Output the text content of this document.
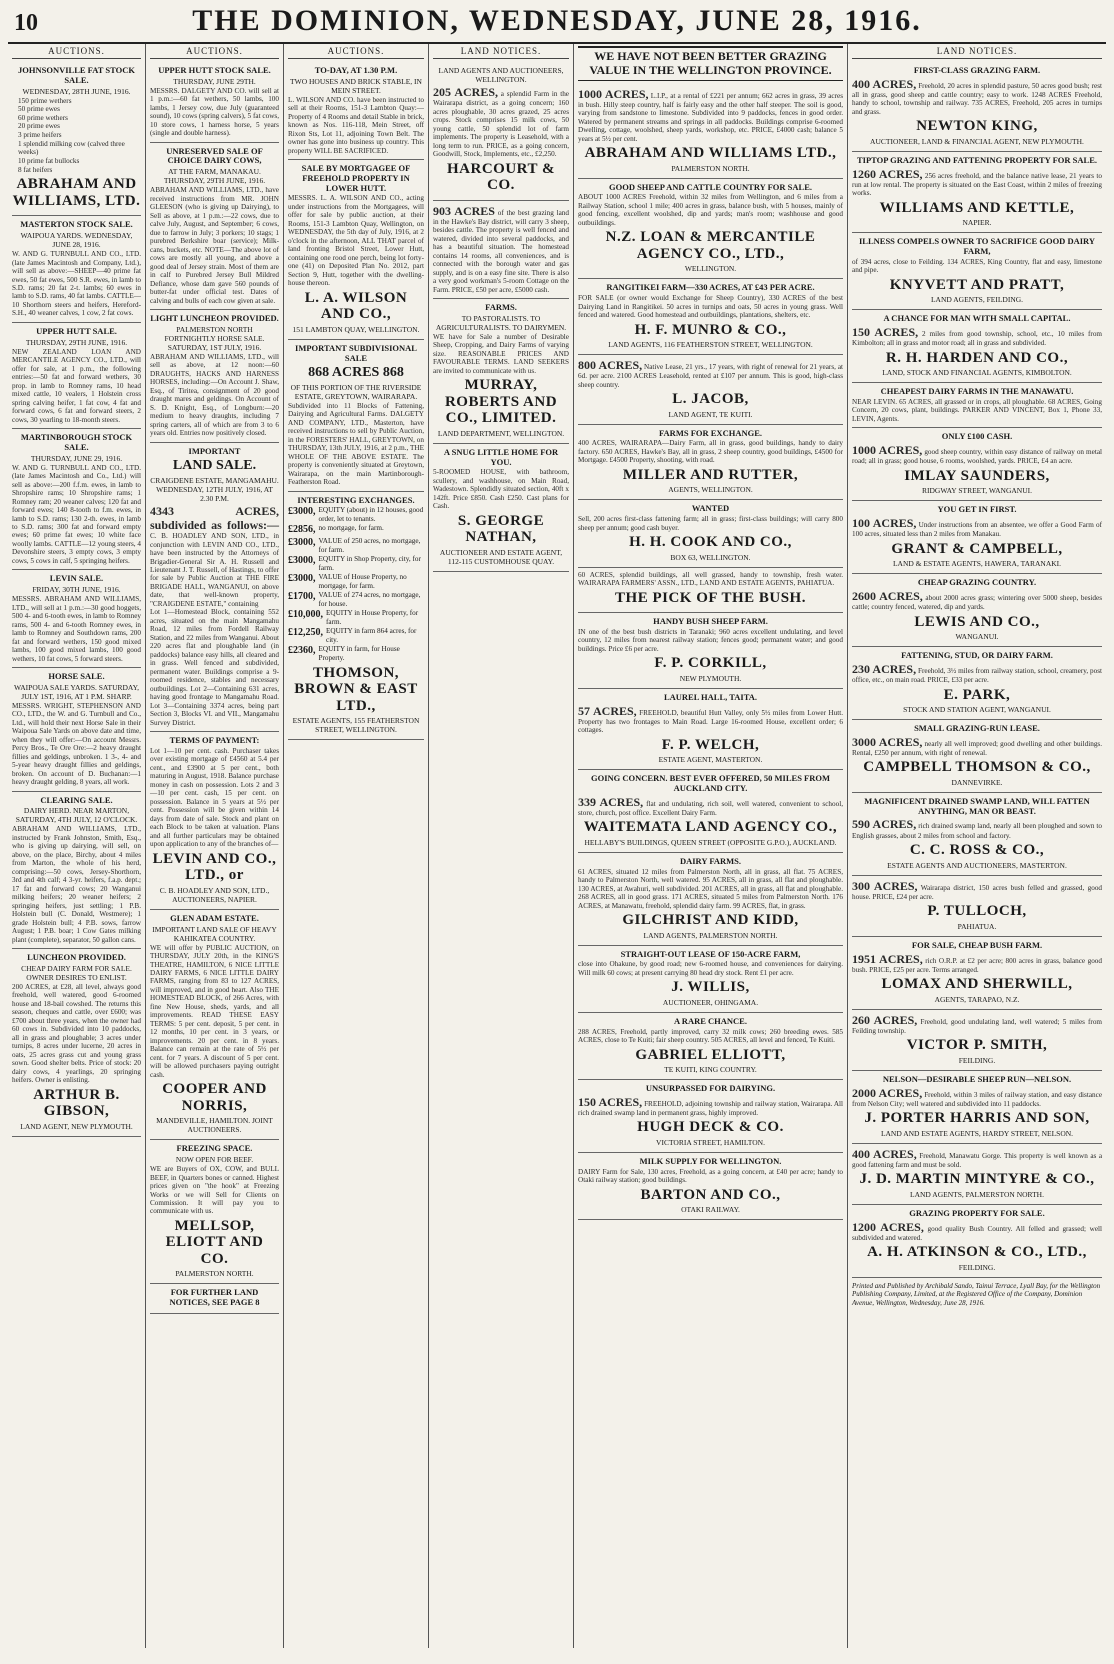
10	THE DOMINION, WEDNESDAY, JUNE 28, 1916.
AUCTIONS.
JOHNSONVILLE FAT STOCK SALE.
WEDNESDAY, 28TH JUNE, 1916.
150 prime wethers
50 prime ewes
60 prime wethers
20 prime ewes
3 prime heifers
1 splendid milking cow (calved three weeks)
10 prime fat bullocks
8 fat heifers
ABRAHAM AND WILLIAMS, LTD.
MASTERTON STOCK SALE.
WAIPOUA YARDS. WEDNESDAY, JUNE 28, 1916.
W. AND G. TURNBULL AND CO., LTD. (late James Macintosh and Company, Ltd.), will sell as above:—SHEEP—40 prime fat ewes, 50 fat ewes, 500 S.R. ewes, in lamb to S.D. rams; 20 fat 2-t. lambs; 60 ewes in lamb to S.D. rams, 40 fat lambs. CATTLE—10 Shorthorn steers and heifers, Hereford-S.H., 40 weaner calves, 1 cow, 2 fat cows.
UPPER HUTT SALE.
THURSDAY, 29TH JUNE, 1916.
NEW ZEALAND LOAN AND MERCANTILE AGENCY CO., LTD., will offer for sale, at 1 p.m., the following entries:—50 fat and forward wethers, 30 prop. in lamb to Romney rams, 10 head mixed cattle, 10 vealers, 1 Holstein cross spring calving heifer, 1 fat cow, 4 fat and forward cows, 6 fat and forward steers, 2 cows, 30 yearling to 18-month steers.
MARTINBOROUGH STOCK SALE.
THURSDAY, JUNE 29, 1916.
W. AND G. TURNBULL AND CO., LTD. (late James Macintosh and Co., Ltd.) will sell as above:—200 f.f.m. ewes, in lamb to Shropshire rams; 10 Shropshire rams; 1 Romney ram; 20 weaner calves; 120 fat and forward ewes; 140 8-tooth to f.m. ewes, in lamb to S.D. rams; 130 2-th. ewes, in lamb to S.D. rams; 300 fat and forward empty ewes; 60 prime fat ewes; 10 white face woolly lambs. CATTLE—12 young steers, 4 Devonshire steers, 3 empty cows, 3 empty cows, 5 cows in calf, 5 springing heifers.
LEVIN SALE.
FRIDAY, 30TH JUNE, 1916.
MESSRS. ABRAHAM AND WILLIAMS, LTD., will sell at 1 p.m.:—30 good hoggets, 500 4- and 6-tooth ewes, in lamb to Romney rams, 500 4- and 6-tooth Romney ewes, in lamb to Romney and Southdown rams, 200 fat and forward wethers, 150 good mixed lambs, 100 good mixed lambs, 100 good wethers, 10 fat cows, 5 forward steers.
HORSE SALE.
WAIPOUA SALE YARDS. SATURDAY, JULY 1ST, 1916, AT 1 P.M. SHARP.
MESSRS. WRIGHT, STEPHENSON AND CO., LTD., the W. and G. Turnbull and Co., Ltd., will hold their next Horse Sale in their Waipoua Sale Yards on above date and time, when they will offer:—On account Messrs. Percy Bros., Te Ore Ore:—2 heavy draught fillies and geldings, unbroken. 1 3-, 4- and 5-year heavy draught fillies and geldings, broken. On account of D. Buchanan:—1 heavy draught gelding, 8 years, all work.
CLEARING SALE.
DAIRY HERD. NEAR MARTON, SATURDAY, 4TH JULY, 12 O'CLOCK.
ABRAHAM AND WILLIAMS, LTD., instructed by Frank Johnston, Smith, Esq., who is giving up dairying, will sell, on above, on the place, Birchy, about 4 miles from Marton, the whole of his herd, comprising:—50 cows, Jersey-Shorthorn, 3rd and 4th calf; 4 3-yr. heifers, f.a.p. dept.; 17 fat and forward cows; 20 Wanganui milking heifers; 20 weaner heifers; 2 springing heifers, just settling; 1 P.B. Holstein bull (C. Donald, Westmere); 1 grade Holstein bull; 4 P.B. sows, farrow August; 1 P.B. boar; 1 Cow Gates milking plant (complete), separator, 50 gallon cans.
LUNCHEON PROVIDED.
CHEAP DAIRY FARM FOR SALE. OWNER DESIRES TO ENLIST.
200 ACRES, at £28, all level, always good freehold, well watered, good 6-roomed house and 18-bail cowshed. The returns this season, cheques and cattle, over £600; was £700 about three years, when the owner had 60 cows in. Subdivided into 10 paddocks, all in grass and ploughable; 3 acres under turnips, 8 acres under lucerne, 20 acres in oats, 25 acres grass cut and young grass sown. Good shelter belts. Price of stock: 20 dairy cows, 4 yearlings, 20 springing heifers. Owner is enlisting.
ARTHUR B. GIBSON,
LAND AGENT, NEW PLYMOUTH.
AUCTIONS.
UPPER HUTT STOCK SALE.
THURSDAY, JUNE 29TH.
MESSRS. DALGETY AND CO. will sell at 1 p.m.:—60 fat wethers, 50 lambs, 100 lambs, 1 Jersey cow, due July (guaranteed sound), 10 cows (spring calvers), 5 fat cows, 10 store cows, 1 harness horse, 5 years (single and double harness).
UNRESERVED SALE OF CHOICE DAIRY COWS,
AT THE FARM, MANAKAU. THURSDAY, 29TH JUNE, 1916.
ABRAHAM AND WILLIAMS, LTD., have received instructions from MR. JOHN GLEESON (who is giving up Dairying), to Sell as above, at 1 p.m.:—22 cows, due to calve July, August, and September; 6 cows, due to farrow in July; 3 porkers; 10 stags; 1 purebred Berkshire boar (service); Milk-cans, buckets, etc. NOTE—The above lot of cows are mostly all young, and above a good deal of Jersey strain. Most of them are in calf to Purebred Jersey Bull Mildred Defiance, whose dam gave 560 pounds of butter-fat under official test. Dates of calving and bulls of each cow given at sale.
LIGHT LUNCHEON PROVIDED.
PALMERSTON NORTH FORTNIGHTLY HORSE SALE. SATURDAY, 1ST JULY, 1916.
ABRAHAM AND WILLIAMS, LTD., will sell as above, at 12 noon:—60 DRAUGHTS, HACKS AND HARNESS HORSES, including:—On Account J. Shaw, Esq., of Tiritea, consignment of 20 good draught mares and geldings. On Account of S. D. Knight, Esq., of Longburn:—20 medium to heavy draughts, including 7 spring carters, all of which are from 3 to 6 years old. Entries now positively closed.
IMPORTANT
LAND SALE.
CRAIGDENE ESTATE, MANGAMAHU. WEDNESDAY, 12TH JULY, 1916, AT 2.30 P.M.
4343 ACRES, subdivided as follows:— C. B. HOADLEY AND SON, LTD., in conjunction with LEVIN AND CO., LTD., have been instructed by the Attorneys of Brigadier-General Sir A. H. Russell and Lieutenant J. T. Russell, of Hastings, to offer for sale by Public Auction at THE FIRE BRIGADE HALL, WANGANUI, on above date, that well-known property, "CRAIGDENE ESTATE," containing
Lot 1—Homestead Block, containing 552 acres, situated on the main Mangamahu Road, 12 miles from Fordell Railway Station, and 22 miles from Wanganui. About 220 acres flat and ploughable land (in paddocks) balance easy hills, all cleared and in grass. Well fenced and subdivided, permanent water. Buildings comprise a 9-roomed residence, stables and necessary outbuildings. Lot 2—Containing 631 acres, having good frontage to Mangamahu Road. Lot 3—Containing 3374 acres, being part Section 3, Blocks VI. and VII., Mangamahu Survey District.
TERMS OF PAYMENT:
Lot 1—10 per cent. cash. Purchaser takes over existing mortgage of £4560 at 5.4 per cent., and £3900 at 5 per cent., both maturing in August, 1918. Balance purchase money in cash on possession. Lots 2 and 3—10 per cent. cash, 15 per cent. on possession. Balance in 5 years at 5½ per cent. Possession will be given within 14 days from date of sale. Stock and plant on each Block to be taken at valuation. Plans and all further particulars may be obtained upon application to any of the branches of—
LEVIN AND CO., LTD., or
C. B. HOADLEY AND SON, LTD., AUCTIONEERS, NAPIER.
GLEN ADAM ESTATE.
IMPORTANT LAND SALE OF HEAVY KAHIKATEA COUNTRY.
WE will offer by PUBLIC AUCTION, on THURSDAY, JULY 20th, in the KING'S THEATRE, HAMILTON, 6 NICE LITTLE DAIRY FARMS, 6 NICE LITTLE DAIRY FARMS, ranging from 83 to 127 ACRES, will improved, and in good heart. Also THE HOMESTEAD BLOCK, of 266 Acres, with fine New House, sheds, yards, and all improvements. READ THESE EASY TERMS: 5 per cent. deposit, 5 per cent. in 12 months, 10 per cent. in 3 years, or improvements. 20 per cent. in 8 years. Balance can remain at the rate of 5½ per cent. for 7 years. A discount of 5 per cent. will be allowed purchasers paying outright cash.
COOPER AND NORRIS,
MANDEVILLE, HAMILTON. JOINT AUCTIONEERS.
FREEZING SPACE.
NOW OPEN FOR BEEF.
WE are Buyers of OX, COW, and BULL BEEF, in Quarters bones or canned. Highest prices given on "the hook" at Freezing Works or we will Sell for Clients on Commission. It will pay you to communicate with us.
MELLSOP, ELIOTT AND CO.
PALMERSTON NORTH.
FOR FURTHER LAND NOTICES, SEE PAGE 8
AUCTIONS.
TO-DAY, AT 1.30 P.M.
TWO HOUSES AND BRICK STABLE, IN MEIN STREET.
L. WILSON AND CO. have been instructed to sell at their Rooms, 151-3 Lambton Quay:—Property of 4 Rooms and detail Stable in brick, known as Nos. 116-118, Mein Street, off Rixon Sts, Lot 11, adjoining Town Belt. The owner has gone into business up country. This property WILL BE SACRIFICED.
SALE BY MORTGAGEE OF FREEHOLD PROPERTY IN LOWER HUTT.
MESSRS. L. A. WILSON AND CO., acting under instructions from the Mortgagees, will offer for sale by public auction, at their Rooms, 151-3 Lambton Quay, Wellington, on WEDNESDAY, the 5th day of July, 1916, at 2 o'clock in the afternoon, ALL THAT parcel of land fronting Bristol Street, Lower Hutt, containing one rood one perch, being lot forty-one (41) on Deposited Plan No. 2012, part Section 9, Hutt, together with the dwelling-house thereon.
L. A. WILSON AND CO.,
151 LAMBTON QUAY, WELLINGTON.
IMPORTANT SUBDIVISIONAL SALE
868 ACRES 868
OF THIS PORTION OF THE RIVERSIDE ESTATE, GREYTOWN, WAIRARAPA.
Subdivided into 11 Blocks of Fattening, Dairying and Agricultural Farms. DALGETY AND COMPANY, LTD., Masterton, have received instructions to sell by Public Auction, in the FORESTERS' HALL, GREYTOWN, on THURSDAY, 13th JULY, 1916, at 2 p.m., THE WHOLE OF THE ABOVE ESTATE. The property is conveniently situated at Greytown, Wairarapa, on the main Martinborough-Featherston Road.
INTERESTING EXCHANGES.
£3000, EQUITY (about) in 12 houses, good order, let to tenants.
£2856, no mortgage, for farm.
£3000, VALUE of 250 acres, no mortgage, for farm.
£3000, EQUITY in Shop Property, city, for farm.
£3000, VALUE of House Property, no mortgage, for farm.
£1700, VALUE of 274 acres, no mortgage, for house.
£10,000, EQUITY in House Property, for farm.
£12,250, EQUITY in farm 864 acres, for city.
£2360, EQUITY in farm, for House Property.
THOMSON, BROWN & EAST LTD.,
ESTATE AGENTS, 155 FEATHERSTON STREET, WELLINGTON.
LAND NOTICES.
LAND AGENTS AND AUCTIONEERS, WELLINGTON.
205 ACRES, a splendid Farm in the Wairarapa district, as a going concern; 160 acres ploughable, 30 acres grazed, 25 acres crops. Stock comprises 15 milk cows, 50 young cattle, 50 splendid lot of farm implements. The property is Leasehold, with a long term to run. PRICE, as a going concern, Goodwill, Stock, Implements, etc., £2,250.
HARCOURT & CO.
903 ACRES of the best grazing land in the Hawke's Bay district, will carry 3 sheep, besides cattle. The property is well fenced and watered, divided into several paddocks, and has a beautiful situation. The homestead contains 14 rooms, all conveniences, and is connected with the borough water and gas supply, and is on a easy fine site. There is also a very good workman's 5-room Cottage on the Farm. PRICE, £50 per acre, £5000 cash.
FARMS.
TO PASTORALISTS. TO AGRICULTURALISTS. TO DAIRYMEN.
WE have for Sale a number of Desirable Sheep, Cropping, and Dairy Farms of varying size. REASONABLE PRICES AND FAVOURABLE TERMS. LAND SEEKERS are invited to communicate with us.
MURRAY, ROBERTS AND CO., LIMITED.
LAND DEPARTMENT, WELLINGTON.
A SNUG LITTLE HOME FOR YOU.
5-ROOMED HOUSE, with bathroom, scullery, and washhouse, on Main Road, Wadestown. Splendidly situated section, 40ft x 142ft. Price £850. Cash £250. Cast plans for Cash.
S. GEORGE NATHAN,
AUCTIONEER AND ESTATE AGENT, 112-115 CUSTOMHOUSE QUAY.
WE HAVE NOT BEEN BETTER GRAZING VALUE IN THE WELLINGTON PROVINCE.
1000 ACRES, L.I.P., at a rental of £221 per annum; 662 acres in grass, 39 acres in bush. Hilly steep country, half is fairly easy and the other half steeper. The soil is good, varying from sandstone to limestone. Subdivided into 9 paddocks, fences in good order. Watered by permanent streams and springs in all paddocks. Buildings comprise 6-roomed Dwelling, cottage, woolshed, sheep yards, workshop, etc. PRICE, £4000 cash; balance 5 years at 5½ per cent.
ABRAHAM AND WILLIAMS LTD.,
PALMERSTON NORTH.
GOOD SHEEP AND CATTLE COUNTRY FOR SALE.
ABOUT 1000 ACRES Freehold, within 32 miles from Wellington, and 6 miles from a Railway Station, school 1 mile; 400 acres in grass, balance bush, with 5 houses, mainly of good fencing, excellent woolshed, dip and yards; man's room; washhouse and good outbuildings.
N.Z. LOAN & MERCANTILE AGENCY CO., LTD.,
WELLINGTON.
RANGITIKEI FARM—330 ACRES, AT £43 PER ACRE.
FOR SALE (or owner would Exchange for Sheep Country), 330 ACRES of the best Dairying Land in Rangitikei. 50 acres in turnips and oats, 50 acres in young grass. Well fenced and watered. Good homestead and outbuildings, plantations, shelters, etc.
H. F. MUNRO & CO.,
LAND AGENTS, 116 FEATHERSTON STREET, WELLINGTON.
800 ACRES, Native Lease, 21 yrs., 17 years, with right of renewal for 21 years, at 6d. per acre. 2100 ACRES Leasehold, rented at £107 per annum. This is good, high-class sheep country.
L. JACOB,
LAND AGENT, TE KUITI.
FARMS FOR EXCHANGE.
400 ACRES, WAIRARAPA—Dairy Farm, all in grass, good buildings, handy to dairy factory. 650 ACRES, Hawke's Bay, all in grass, 2 sheep country, good buildings, £4500 for Mortgage. £4500 Property, shooting, with road.
MILLER AND RUTTER,
AGENTS, WELLINGTON.
WANTED
Sell, 200 acres first-class fattening farm; all in grass; first-class buildings; will carry 800 sheep per annum; good cash buyer.
H. H. COOK AND CO.,
BOX 63, WELLINGTON.
60 ACRES, splendid buildings, all well grassed, handy to township, fresh water. WAIRARAPA FARMERS' ASSN., LTD., LAND AND ESTATE AGENTS, PAHIATUA.
THE PICK OF THE BUSH.
HANDY BUSH SHEEP FARM.
IN one of the best bush districts in Taranaki; 960 acres excellent undulating, and level country, 12 miles from nearest railway station; fences good; permanent water; and good buildings. Price £6 per acre.
F. P. CORKILL,
NEW PLYMOUTH.
LAUREL HALL, TAITA.
57 ACRES, FREEHOLD, beautiful Hutt Valley, only 5½ miles from Lower Hutt. Property has two frontages to Main Road. Large 16-roomed House, excellent order; 6 cottages.
F. P. WELCH,
ESTATE AGENT, MASTERTON.
GOING CONCERN. BEST EVER OFFERED, 50 MILES FROM AUCKLAND CITY.
339 ACRES, flat and undulating, rich soil, well watered, convenient to school, store, church, post office. Excellent Dairy Farm.
WAITEMATA LAND AGENCY CO.,
HELLABY'S BUILDINGS, QUEEN STREET (OPPOSITE G.P.O.), AUCKLAND.
DAIRY FARMS.
61 ACRES, situated 12 miles from Palmerston North, all in grass, all flat. 75 ACRES, handy to Palmerston North, well watered. 95 ACRES, all in grass, all flat and ploughable. 130 ACRES, at Awahuri, well subdivided. 201 ACRES, all in grass, all flat and ploughable. 268 ACRES, all in good grass. 171 ACRES, situated 5 miles from Palmerston North. 176 ACRES, at Manawatu, freehold, splendid dairy farm. 99 ACRES, flat, in grass.
GILCHRIST AND KIDD,
LAND AGENTS, PALMERSTON NORTH.
STRAIGHT-OUT LEASE OF 150-ACRE FARM,
close into Ohakune, by good road; new 6-roomed house, and conveniences for dairying. Will milk 60 cows; at present carrying 80 head dry stock. Rent £1 per acre.
J. WILLIS,
AUCTIONEER, OHINGAMA.
A RARE CHANCE.
288 ACRES, Freehold, partly improved, carry 32 milk cows; 260 breeding ewes. 585 ACRES, close to Te Kuiti; fair sheep country. 505 ACRES, all level and fenced, Te Kuiti.
GABRIEL ELLIOTT,
TE KUITI, KING COUNTRY.
UNSURPASSED FOR DAIRYING.
150 ACRES, FREEHOLD, adjoining township and railway station, Wairarapa. All rich drained swamp land in permanent grass, highly improved.
HUGH DECK & CO.
VICTORIA STREET, HAMILTON.
MILK SUPPLY FOR WELLINGTON.
DAIRY Farm for Sale, 130 acres, Freehold, as a going concern, at £40 per acre; handy to Otaki railway station; good buildings.
BARTON AND CO.,
OTAKI RAILWAY.
LAND NOTICES.
FIRST-CLASS GRAZING FARM.
400 ACRES, Freehold, 20 acres in splendid pasture, 50 acres good bush; rest all in grass, good sheep and cattle country; easy to work. 1248 ACRES Freehold, handy to school, township and railway. 735 ACRES, Freehold, 205 acres in turnips and grass.
NEWTON KING,
AUCTIONEER, LAND & FINANCIAL AGENT, NEW PLYMOUTH.
TIPTOP GRAZING AND FATTENING PROPERTY FOR SALE.
1260 ACRES, 256 acres freehold, and the balance native lease, 21 years to run at low rental. The property is situated on the East Coast, within 2 miles of freezing works.
WILLIAMS AND KETTLE,
NAPIER.
ILLNESS COMPELS OWNER TO SACRIFICE GOOD DAIRY FARM,
of 394 acres, close to Feilding. 134 ACRES, King Country, flat and easy, limestone and pipe.
KNYVETT AND PRATT,
LAND AGENTS, FEILDING.
A CHANCE FOR MAN WITH SMALL CAPITAL.
150 ACRES, 2 miles from good township, school, etc., 10 miles from Kimbolton; all in grass and motor road; all in grass and subdivided.
R. H. HARDEN AND CO.,
LAND, STOCK AND FINANCIAL AGENTS, KIMBOLTON.
CHEAPEST DAIRY FARMS IN THE MANAWATU.
NEAR LEVIN. 65 ACRES, all grassed or in crops, all ploughable. 68 ACRES, Going Concern, 20 cows, plant, buildings. PARKER AND VINCENT, Box 1, Phone 33, LEVIN, Agents.
ONLY £100 CASH.
1000 ACRES, good sheep country, within easy distance of railway on metal road; all in grass; good house, 6 rooms, woolshed, yards. PRICE, £4 an acre.
IMLAY SAUNDERS,
RIDGWAY STREET, WANGANUI.
YOU GET IN FIRST.
100 ACRES, Under instructions from an absentee, we offer a Good Farm of 100 acres, situated less than 2 miles from Manakau.
GRANT & CAMPBELL,
LAND & ESTATE AGENTS, HAWERA, TARANAKI.
CHEAP GRAZING COUNTRY.
2600 ACRES, about 2000 acres grass; wintering over 5000 sheep, besides cattle; country fenced, watered, dip and yards.
LEWIS AND CO.,
WANGANUI.
FATTENING, STUD, OR DAIRY FARM.
230 ACRES, Freehold, 3½ miles from railway station, school, creamery, post office, etc., on main road. PRICE, £33 per acre.
E. PARK,
STOCK AND STATION AGENT, WANGANUI.
SMALL GRAZING-RUN LEASE.
3000 ACRES, nearly all well improved; good dwelling and other buildings. Rental, £250 per annum, with right of renewal.
CAMPBELL THOMSON & CO.,
DANNEVIRKE.
MAGNIFICENT DRAINED SWAMP LAND, WILL FATTEN ANYTHING, MAN OR BEAST.
590 ACRES, rich drained swamp land, nearly all been ploughed and sown to English grasses, about 2 miles from school and factory.
C. C. ROSS & CO.,
ESTATE AGENTS AND AUCTIONEERS, MASTERTON.
300 ACRES, Wairarapa district, 150 acres bush felled and grassed, good house. PRICE, £24 per acre.
P. TULLOCH,
PAHIATUA.
FOR SALE, CHEAP BUSH FARM.
1951 ACRES, rich O.R.P. at £2 per acre; 800 acres in grass, balance good bush. PRICE, £25 per acre. Terms arranged.
LOMAX AND SHERWILL,
AGENTS, TARAPAO, N.Z.
260 ACRES, Freehold, good undulating land, well watered; 5 miles from Feilding township.
VICTOR P. SMITH,
FEILDING.
NELSON—DESIRABLE SHEEP RUN—NELSON.
2000 ACRES, Freehold, within 3 miles of railway station, and easy distance from Nelson City; well watered and subdivided into 11 paddocks.
J. PORTER HARRIS AND SON,
LAND AND ESTATE AGENTS, HARDY STREET, NELSON.
400 ACRES, Freehold, Manawatu Gorge. This property is well known as a good fattening farm and must be sold.
J. D. MARTIN MINTYRE & CO.,
LAND AGENTS, PALMERSTON NORTH.
GRAZING PROPERTY FOR SALE.
1200 ACRES, good quality Bush Country. All felled and grassed; well subdivided and watered.
A. H. ATKINSON & CO., LTD.,
FEILDING.
Printed and Published by Archibald Sando, Tainui Terrace, Lyall Bay, for the Wellington Publishing Company, Limited, at the Registered Office of the Company, Dominion Avenue, Wellington, Wednesday, June 28, 1916.
